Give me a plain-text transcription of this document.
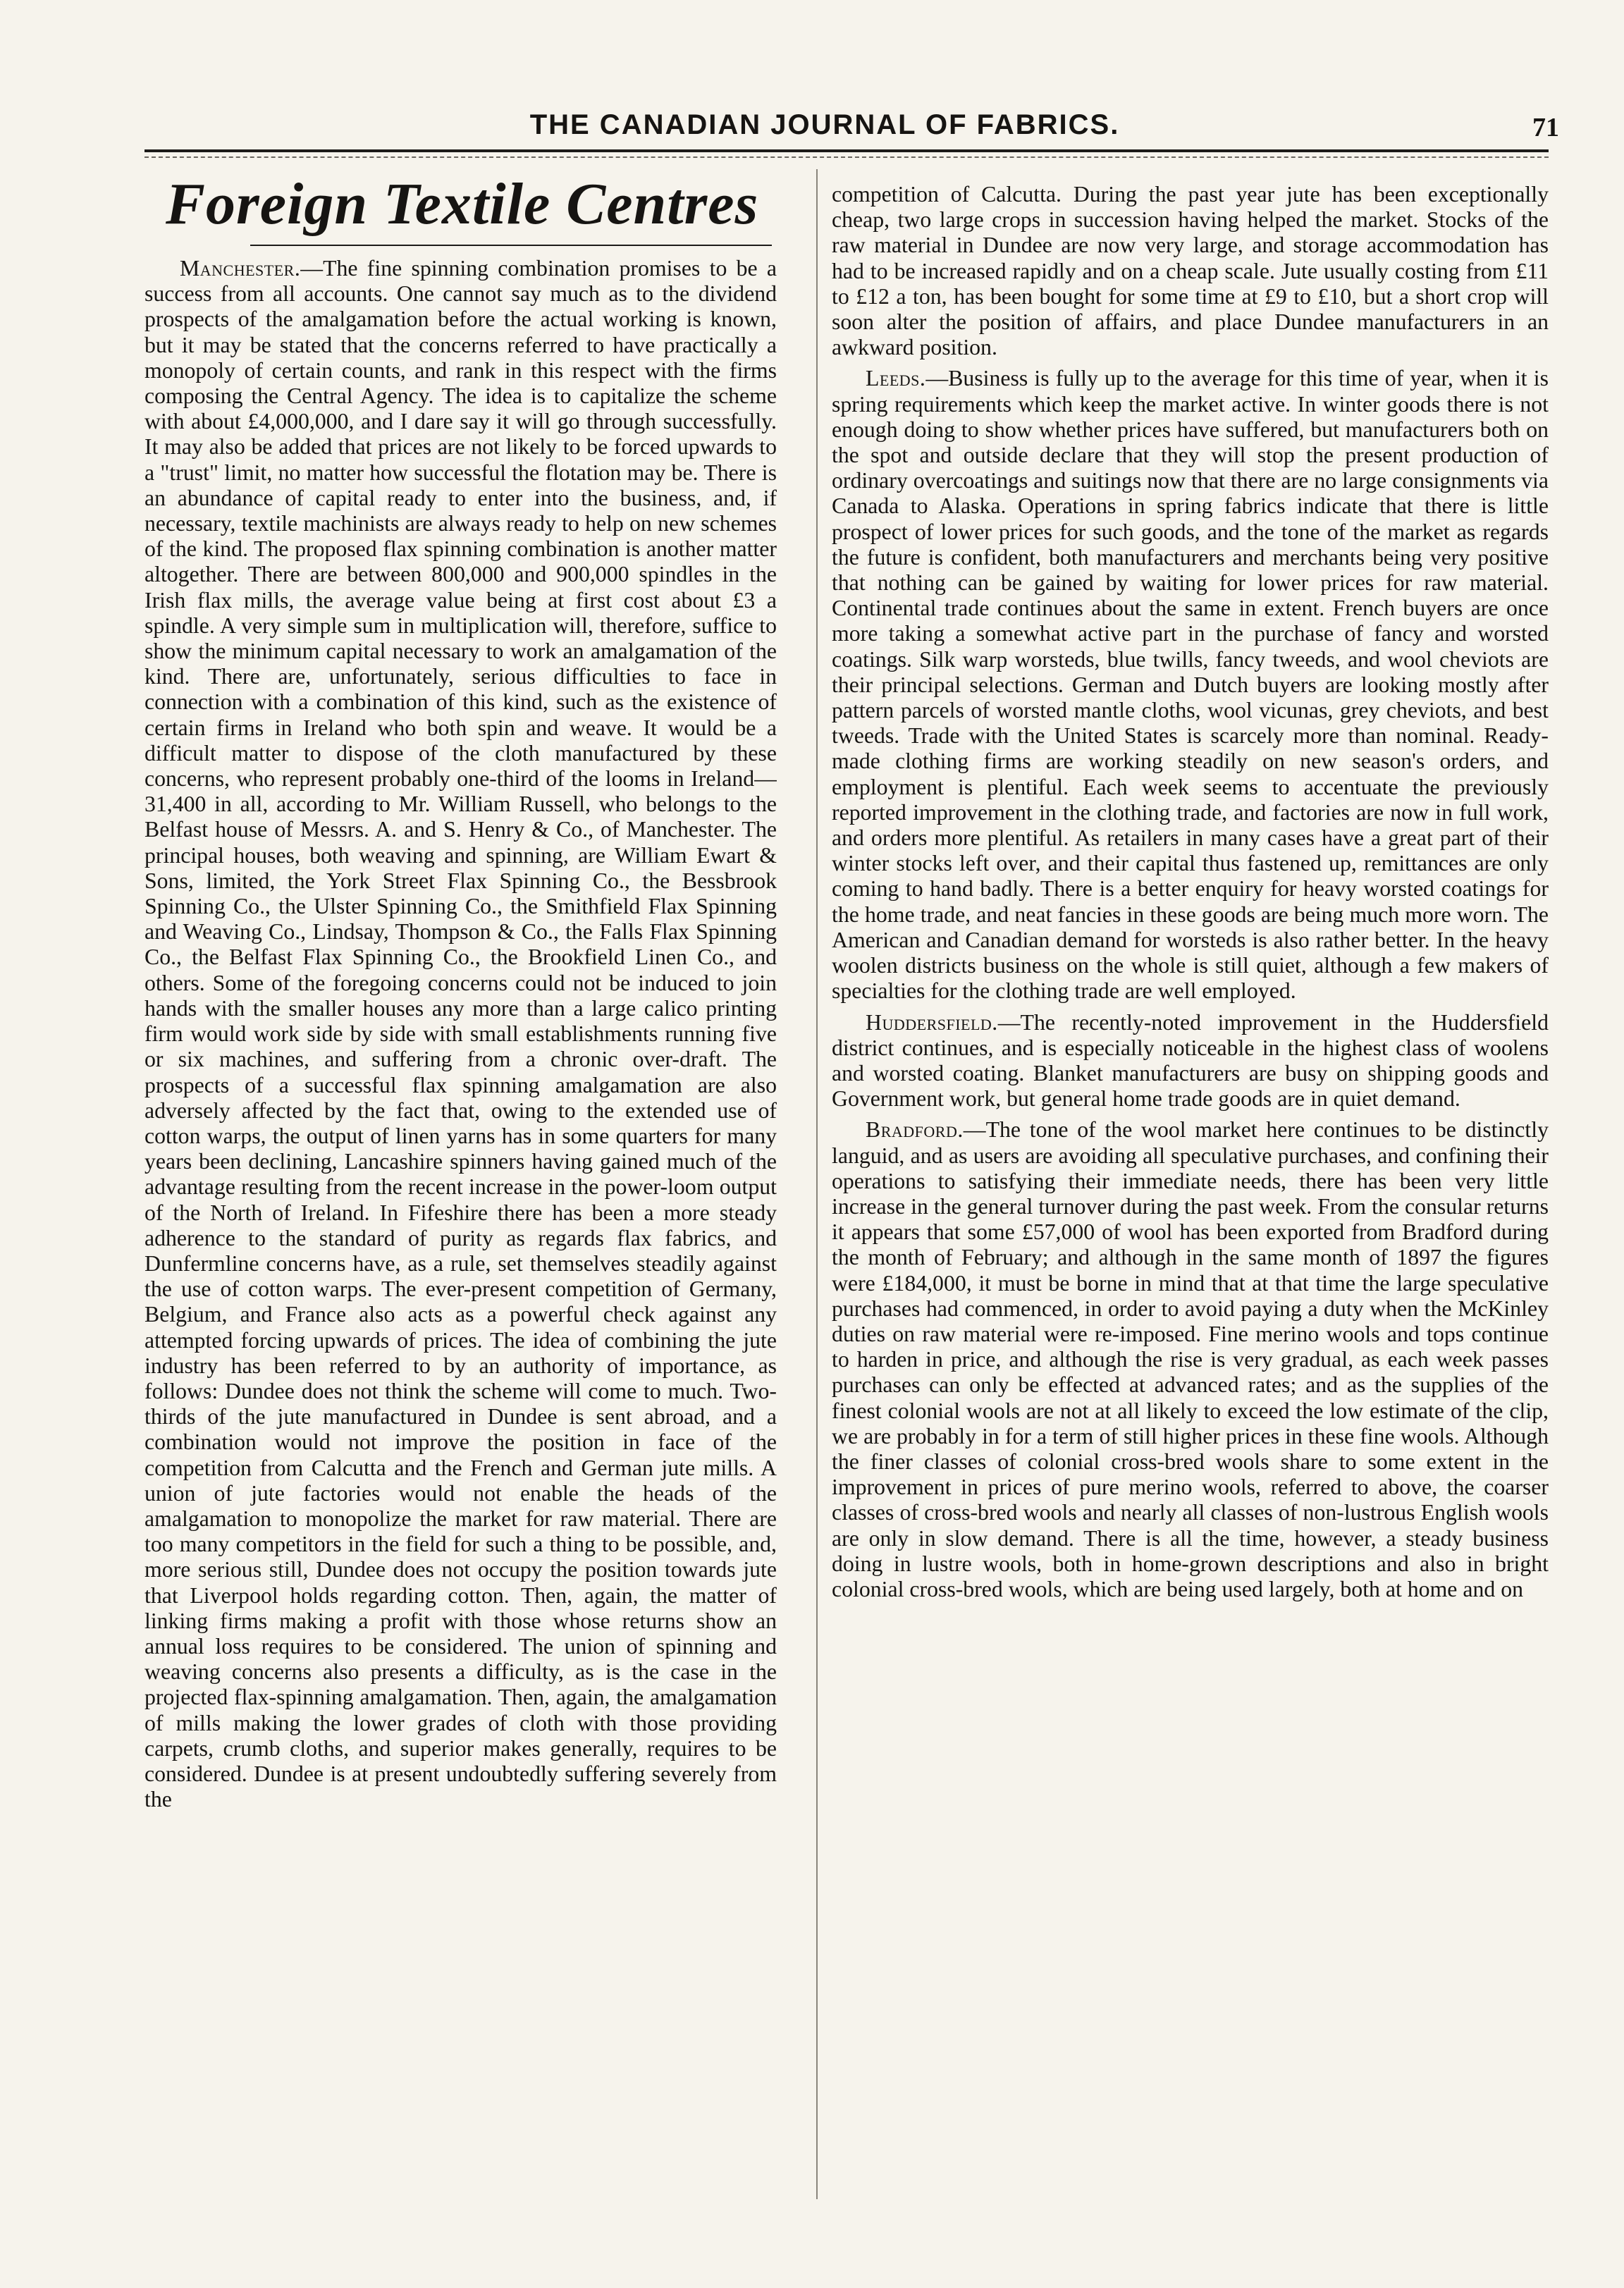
THE CANADIAN JOURNAL OF FABRICS.	71
Foreign Textile Centres

Manchester.—The fine spinning combination promises to be a success from all accounts. One cannot say much as to the dividend prospects of the amalgamation before the actual working is known, but it may be stated that the concerns referred to have practically a monopoly of certain counts, and rank in this respect with the firms composing the Central Agency. The idea is to capitalize the scheme with about £4,000,000, and I dare say it will go through successfully. It may also be added that prices are not likely to be forced upwards to a "trust" limit, no matter how successful the flotation may be. There is an abundance of capital ready to enter into the business, and, if necessary, textile machinists are always ready to help on new schemes of the kind. The proposed flax spinning combination is another matter altogether. There are between 800,000 and 900,000 spindles in the Irish flax mills, the average value being at first cost about £3 a spindle. A very simple sum in multiplication will, therefore, suffice to show the minimum capital necessary to work an amalgamation of the kind. There are, unfortunately, serious difficulties to face in connection with a combination of this kind, such as the existence of certain firms in Ireland who both spin and weave. It would be a difficult matter to dispose of the cloth manufactured by these concerns, who represent probably one-third of the looms in Ireland—31,400 in all, according to Mr. William Russell, who belongs to the Belfast house of Messrs. A. and S. Henry & Co., of Manchester. The principal houses, both weaving and spinning, are William Ewart & Sons, limited, the York Street Flax Spinning Co., the Bessbrook Spinning Co., the Ulster Spinning Co., the Smithfield Flax Spinning and Weaving Co., Lindsay, Thompson & Co., the Falls Flax Spinning Co., the Belfast Flax Spinning Co., the Brookfield Linen Co., and others. Some of the foregoing concerns could not be induced to join hands with the smaller houses any more than a large calico printing firm would work side by side with small establishments running five or six machines, and suffering from a chronic over-draft. The prospects of a successful flax spinning amalgamation are also adversely affected by the fact that, owing to the extended use of cotton warps, the output of linen yarns has in some quarters for many years been declining, Lancashire spinners having gained much of the advantage resulting from the recent increase in the power-loom output of the North of Ireland. In Fifeshire there has been a more steady adherence to the standard of purity as regards flax fabrics, and Dunfermline concerns have, as a rule, set themselves steadily against the use of cotton warps. The ever-present competition of Germany, Belgium, and France also acts as a powerful check against any attempted forcing upwards of prices. The idea of combining the jute industry has been referred to by an authority of importance, as follows: Dundee does not think the scheme will come to much. Two-thirds of the jute manufactured in Dundee is sent abroad, and a combination would not improve the position in face of the competition from Calcutta and the French and German jute mills. A union of jute factories would not enable the heads of the amalgamation to monopolize the market for raw material. There are too many competitors in the field for such a thing to be possible, and, more serious still, Dundee does not occupy the position towards jute that Liverpool holds regarding cotton. Then, again, the matter of linking firms making a profit with those whose returns show an annual loss requires to be considered. The union of spinning and weaving concerns also presents a difficulty, as is the case in the projected flax-spinning amalgamation. Then, again, the amalgamation of mills making the lower grades of cloth with those providing carpets, crumb cloths, and superior makes generally, requires to be considered. Dundee is at present undoubtedly suffering severely from the

competition of Calcutta. During the past year jute has been exceptionally cheap, two large crops in succession having helped the market. Stocks of the raw material in Dundee are now very large, and storage accommodation has had to be increased rapidly and on a cheap scale. Jute usually costing from £11 to £12 a ton, has been bought for some time at £9 to £10, but a short crop will soon alter the position of affairs, and place Dundee manufacturers in an awkward position.

Leeds.—Business is fully up to the average for this time of year, when it is spring requirements which keep the market active. In winter goods there is not enough doing to show whether prices have suffered, but manufacturers both on the spot and outside declare that they will stop the present production of ordinary overcoatings and suitings now that there are no large consignments via Canada to Alaska. Operations in spring fabrics indicate that there is little prospect of lower prices for such goods, and the tone of the market as regards the future is confident, both manufacturers and merchants being very positive that nothing can be gained by waiting for lower prices for raw material. Continental trade continues about the same in extent. French buyers are once more taking a somewhat active part in the purchase of fancy and worsted coatings. Silk warp worsteds, blue twills, fancy tweeds, and wool cheviots are their principal selections. German and Dutch buyers are looking mostly after pattern parcels of worsted mantle cloths, wool vicunas, grey cheviots, and best tweeds. Trade with the United States is scarcely more than nominal. Ready-made clothing firms are working steadily on new season's orders, and employment is plentiful. Each week seems to accentuate the previously reported improvement in the clothing trade, and factories are now in full work, and orders more plentiful. As retailers in many cases have a great part of their winter stocks left over, and their capital thus fastened up, remittances are only coming to hand badly. There is a better enquiry for heavy worsted coatings for the home trade, and neat fancies in these goods are being much more worn. The American and Canadian demand for worsteds is also rather better. In the heavy woolen districts business on the whole is still quiet, although a few makers of specialties for the clothing trade are well employed.

Huddersfield.—The recently-noted improvement in the Huddersfield district continues, and is especially noticeable in the highest class of woolens and worsted coating. Blanket manufacturers are busy on shipping goods and Government work, but general home trade goods are in quiet demand.

Bradford.—The tone of the wool market here continues to be distinctly languid, and as users are avoiding all speculative purchases, and confining their operations to satisfying their immediate needs, there has been very little increase in the general turnover during the past week. From the consular returns it appears that some £57,000 of wool has been exported from Bradford during the month of February; and although in the same month of 1897 the figures were £184,000, it must be borne in mind that at that time the large speculative purchases had commenced, in order to avoid paying a duty when the McKinley duties on raw material were re-imposed. Fine merino wools and tops continue to harden in price, and although the rise is very gradual, as each week passes purchases can only be effected at advanced rates; and as the supplies of the finest colonial wools are not at all likely to exceed the low estimate of the clip, we are probably in for a term of still higher prices in these fine wools. Although the finer classes of colonial cross-bred wools share to some extent in the improvement in prices of pure merino wools, referred to above, the coarser classes of cross-bred wools and nearly all classes of non-lustrous English wools are only in slow demand. There is all the time, however, a steady business doing in lustre wools, both in home-grown descriptions and also in bright colonial cross-bred wools, which are being used largely, both at home and on
